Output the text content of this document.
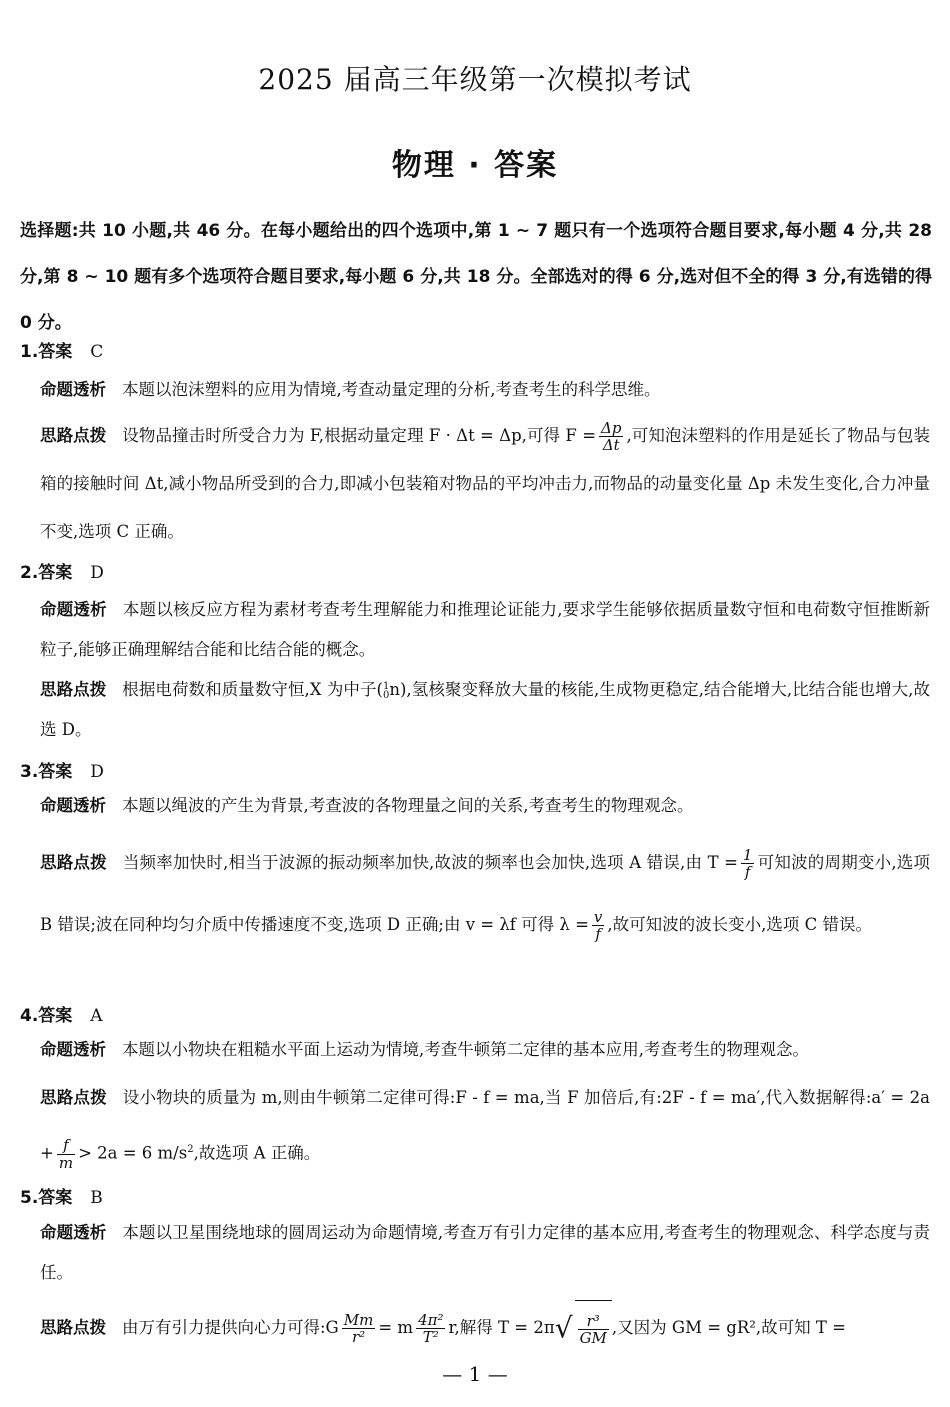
2025 届高三年级第一次模拟考试
物理 · 答案
选择题:共 10 小题,共 46 分。在每小题给出的四个选项中,第 1 ~ 7 题只有一个选项符合题目要求,每小题 4 分,共 28 分,第 8 ~ 10 题有多个选项符合题目要求,每小题 6 分,共 18 分。全部选对的得 6 分,选对但不全的得 3 分,有选错的得 0 分。
1.答案 C
命题透析 本题以泡沫塑料的应用为情境,考查动量定理的分析,考查考生的科学思维。
思路点拨 设物品撞击时所受合力为 F,根据动量定理 F · Δt = Δp,可得 $F = \frac{\Delta p}{\Delta t}$ ,可知泡沫塑料的作用是延长了物品与包装箱的接触时间 Δt,减小物品所受到的合力,即减小包装箱对物品的平均冲击力,而物品的动量变化量 Δp 未发生变化,合力冲量不变,选项 C 正确。
2.答案 D
命题透析 本题以核反应方程为素材考查考生理解能力和推理论证能力,要求学生能够依据质量数守恒和电荷数守恒推断新粒子,能够正确理解结合能和比结合能的概念。
思路点拨 根据电荷数和质量数守恒,X 为中子( 1
0 n),氢核聚变释放大量的核能,生成物更稳定,结合能增大,比结合能也增大,故选 D。
3.答案 D
命题透析 本题以绳波的产生为背景,考查波的各物理量之间的关系,考查考生的物理观念。
思路点拨 当频率加快时,相当于波源的振动频率加快,故波的频率也会加快,选项 A 错误,由 $T = \frac{1}{f}$ 可知波的周期变小,选项 B 错误;波在同种均匀介质中传播速度不变,选项 D 正确;由 v = λf 可得 $\lambda = \frac{v}{f}$ ,故可知波的波长变小,选项 C 错误。
4.答案 A
命题透析 本题以小物块在粗糙水平面上运动为情境,考查牛顿第二定律的基本应用,考查考生的物理观念。
思路点拨 设小物块的质量为 m,则由牛顿第二定律可得:F - f = ma,当 F 加倍后,有:2F - f = ma′,代入数据解得:a′ = $2a + \frac{f}{m} > 2a = 6$ $m/s^2$,故选项 A 正确。
5.答案 B
命题透析 本题以卫星围绕地球的圆周运动为命题情境,考查万有引力定律的基本应用,考查考生的物理观念、科学态度与责任。
思路点拨 由万有引力提供向心力可得:G $\frac{Mm}{\text{r²}} = m \frac{\text{4π²}}{\text{T²}} r$,解得 $T = 2\pi√ \frac{\text{r³}}{GM}$ ,又因为 GM = gR²,故可知 T =
— 1 —
